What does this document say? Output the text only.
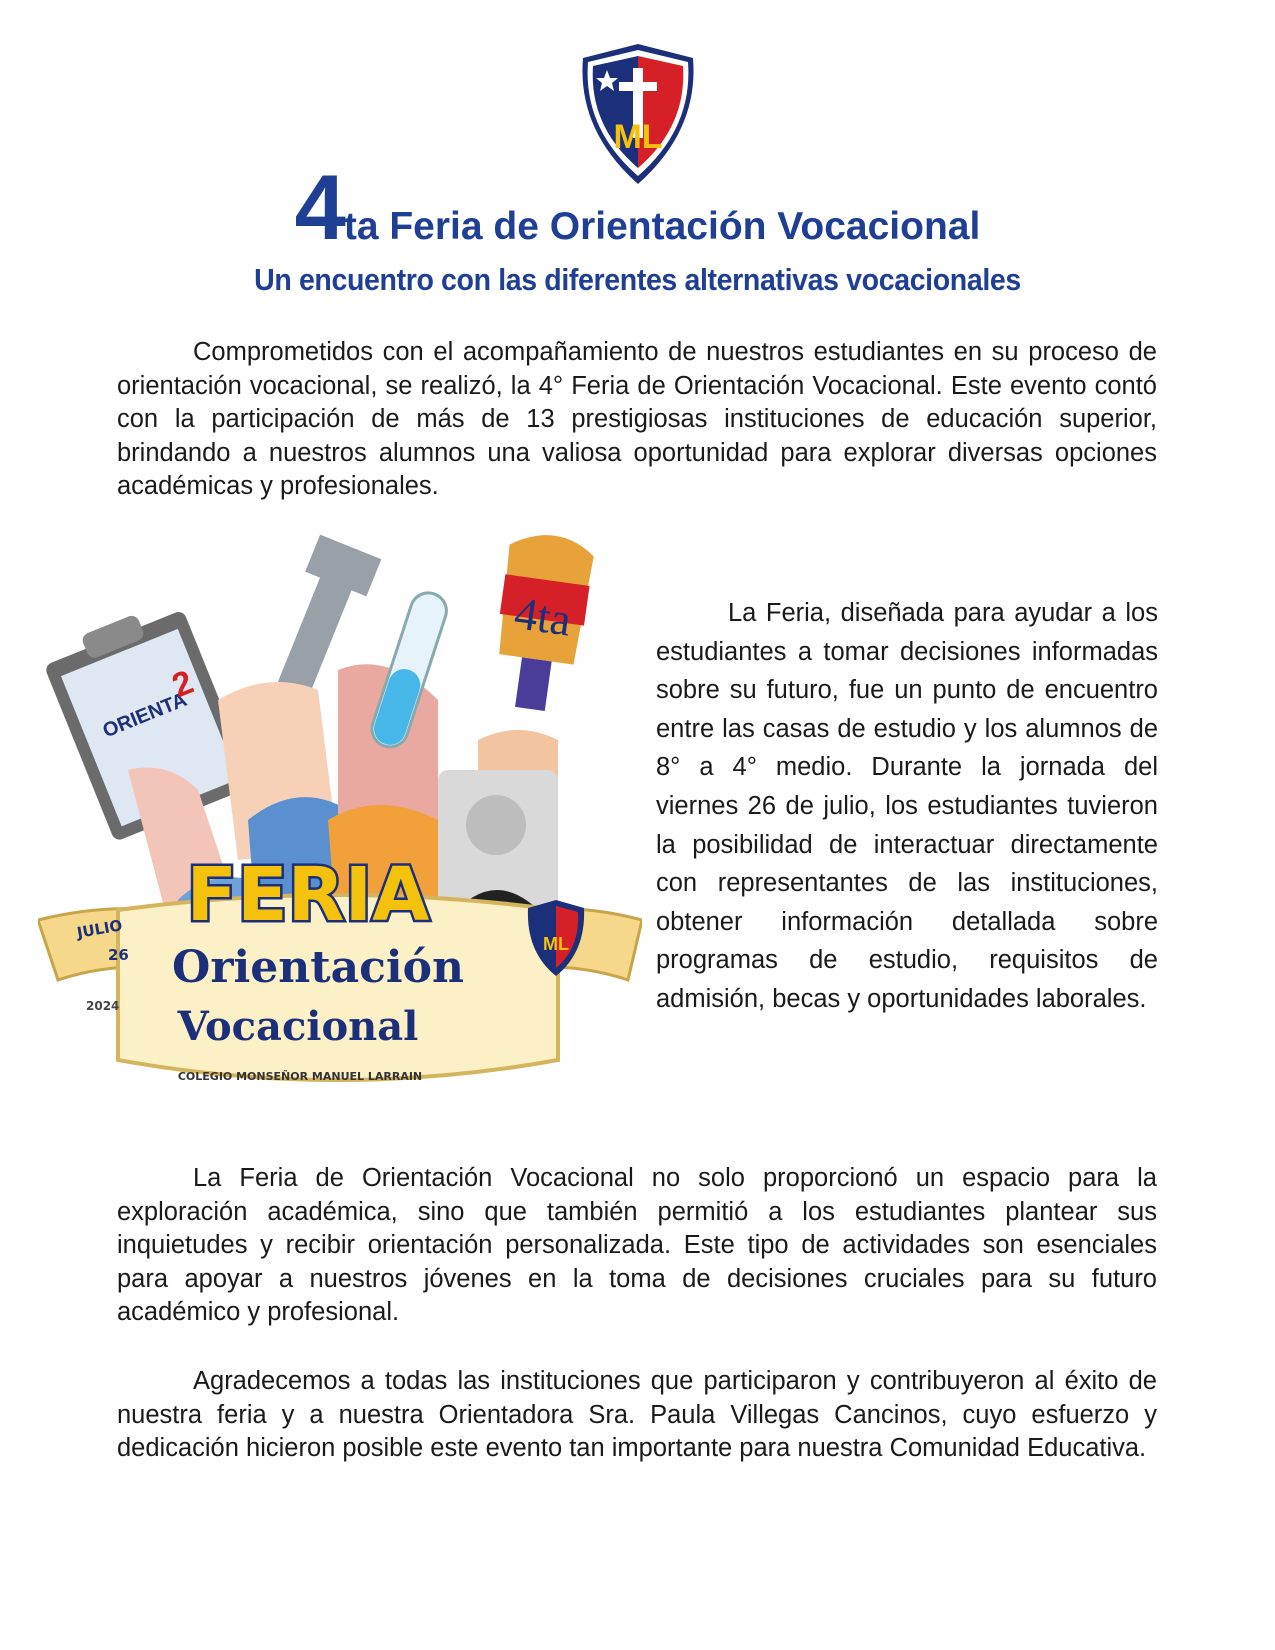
ML
4ta Feria de Orientación Vocacional
Un encuentro con las diferentes alternativas vocacionales

Comprometidos con el acompañamiento de nuestros estudiantes en su proceso de orientación vocacional, se realizó, la 4° Feria de Orientación Vocacional. Este evento contó con la participación de más de 13 prestigiosas instituciones de educación superior, brindando a nuestros alumnos una valiosa oportunidad para explorar diversas opciones académicas y profesionales.

ORIENTA
2
4ta
FERIA
Orientación
Vocacional
COLEGIO MONSEÑOR MANUEL LARRAIN
JULIO
26
2024
ML

La Feria, diseñada para ayudar a los estudiantes a tomar decisiones informadas sobre su futuro, fue un punto de encuentro entre las casas de estudio y los alumnos de 8° a 4° medio. Durante la jornada del viernes 26 de julio, los estudiantes tuvieron la posibilidad de interactuar directamente con representantes de las instituciones, obtener información detallada sobre programas de estudio, requisitos de admisión, becas y oportunidades laborales.

La Feria de Orientación Vocacional no solo proporcionó un espacio para la exploración académica, sino que también permitió a los estudiantes plantear sus inquietudes y recibir orientación personalizada. Este tipo de actividades son esenciales para apoyar a nuestros jóvenes en la toma de decisiones cruciales para su futuro académico y profesional.

Agradecemos a todas las instituciones que participaron y contribuyeron al éxito de nuestra feria y a nuestra Orientadora Sra. Paula Villegas Cancinos, cuyo esfuerzo y dedicación hicieron posible este evento tan importante para nuestra Comunidad Educativa.
